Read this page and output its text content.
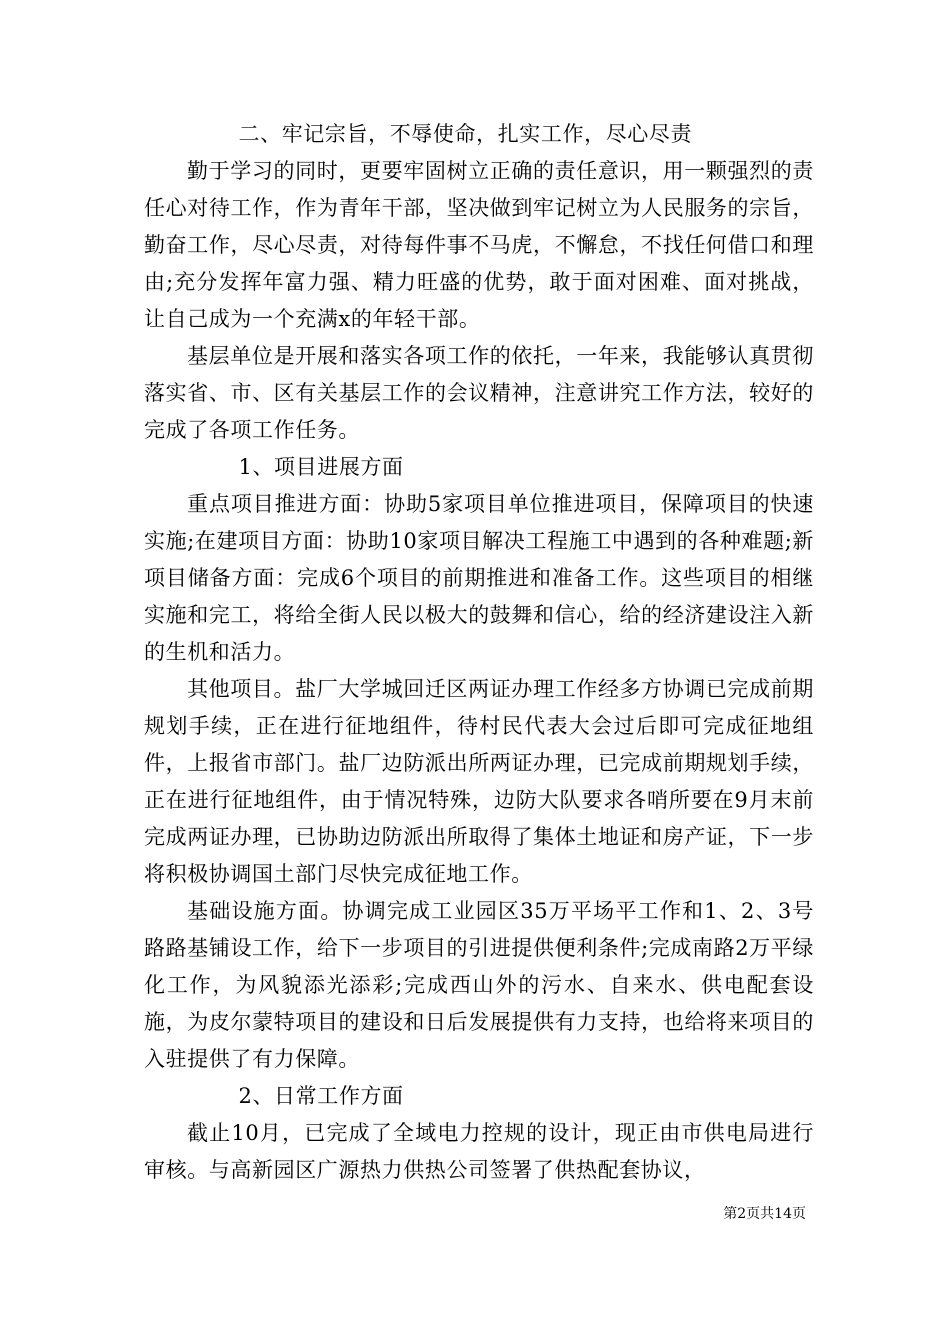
二、牢记宗旨，不辱使命，扎实工作，尽心尽责

勤于学习的同时，更要牢固树立正确的责任意识，用一颗强烈的责任心对待工作，作为青年干部，坚决做到牢记树立为人民服务的宗旨，勤奋工作，尽心尽责，对待每件事不马虎，不懈怠，不找任何借口和理由;充分发挥年富力强、精力旺盛的优势，敢于面对困难、面对挑战，让自己成为一个充满x的年轻干部。

基层单位是开展和落实各项工作的依托，一年来，我能够认真贯彻落实省、市、区有关基层工作的会议精神，注意讲究工作方法，较好的完成了各项工作任务。

1、项目进展方面

重点项目推进方面：协助5家项目单位推进项目，保障项目的快速实施;在建项目方面：协助10家项目解决工程施工中遇到的各种难题;新项目储备方面：完成6个项目的前期推进和准备工作。这些项目的相继实施和完工，将给全街人民以极大的鼓舞和信心，给的经济建设注入新的生机和活力。

其他项目。盐厂大学城回迁区两证办理工作经多方协调已完成前期规划手续，正在进行征地组件，待村民代表大会过后即可完成征地组件，上报省市部门。盐厂边防派出所两证办理，已完成前期规划手续，正在进行征地组件，由于情况特殊，边防大队要求各哨所要在9月末前完成两证办理，已协助边防派出所取得了集体土地证和房产证，下一步将积极协调国土部门尽快完成征地工作。

基础设施方面。协调完成工业园区35万平场平工作和1、2、3号路路基铺设工作，给下一步项目的引进提供便利条件;完成南路2万平绿化工作，为风貌添光添彩;完成西山外的污水、自来水、供电配套设施，为皮尔蒙特项目的建设和日后发展提供有力支持，也给将来项目的入驻提供了有力保障。

2、日常工作方面

截止10月，已完成了全域电力控规的设计，现正由市供电局进行审核。与高新园区广源热力供热公司签署了供热配套协议，

第2页共14页
